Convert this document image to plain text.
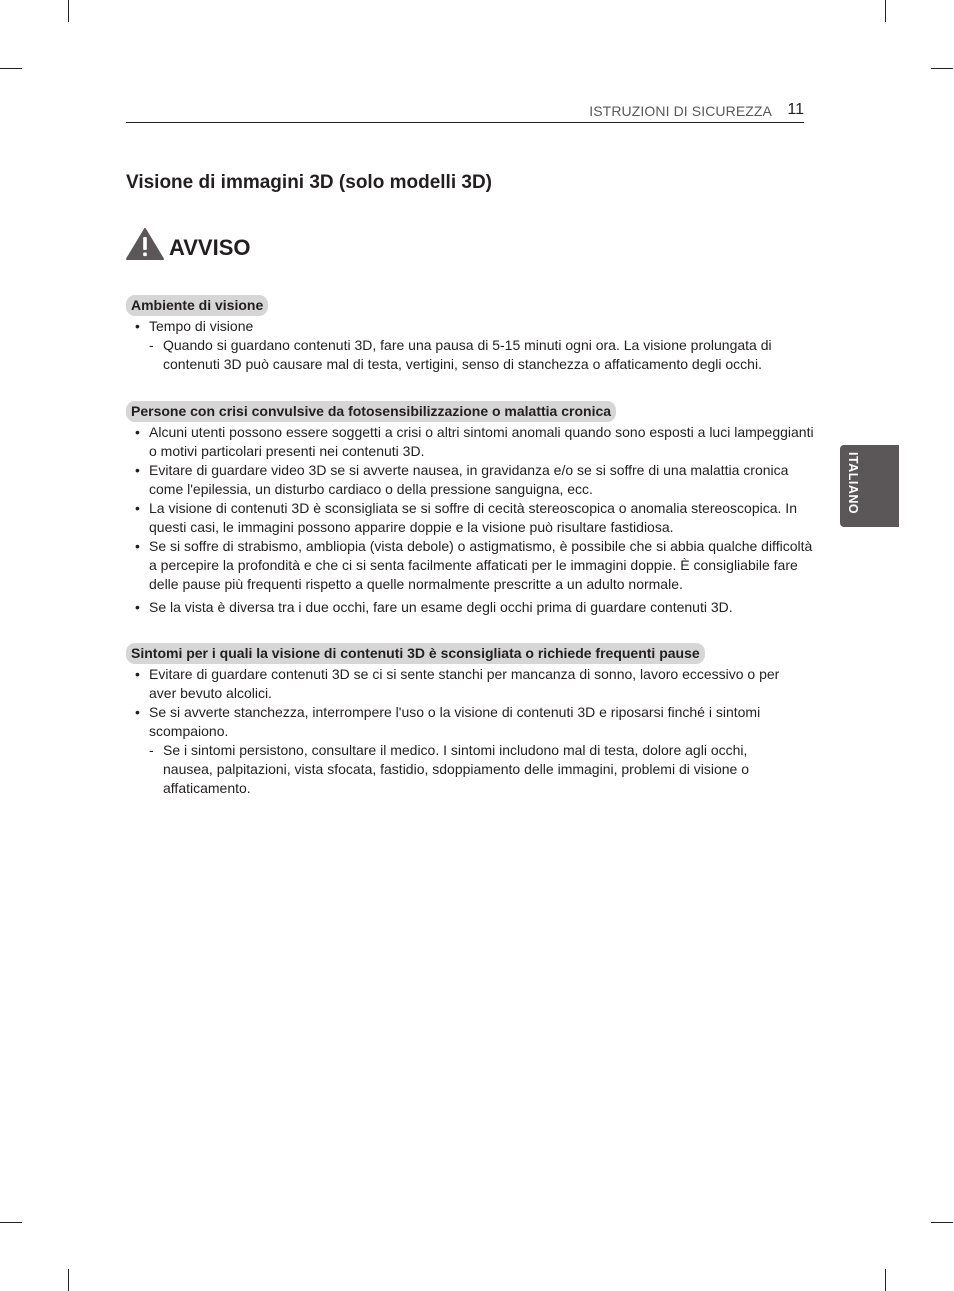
ISTRUZIONI DI SICUREZZA 11
ITALIANO
Visione di immagini 3D (solo modelli 3D)
AVVISO
Ambiente di visione
• Tempo di visione
- Quando si guardano contenuti 3D, fare una pausa di 5-15 minuti ogni ora. La visione prolungata di contenuti 3D può causare mal di testa, vertigini, senso di stanchezza o affaticamento degli occhi.
Persone con crisi convulsive da fotosensibilizzazione o malattia cronica
• Alcuni utenti possono essere soggetti a crisi o altri sintomi anomali quando sono esposti a luci lampeggianti o motivi particolari presenti nei contenuti 3D.
• Evitare di guardare video 3D se si avverte nausea, in gravidanza e/o se si soffre di una malattia cronica come l'epilessia, un disturbo cardiaco o della pressione sanguigna, ecc.
• La visione di contenuti 3D è sconsigliata se si soffre di cecità stereoscopica o anomalia stereoscopica. In questi casi, le immagini possono apparire doppie e la visione può risultare fastidiosa.
• Se si soffre di strabismo, ambliopia (vista debole) o astigmatismo, è possibile che si abbia qualche difficoltà a percepire la profondità e che ci si senta facilmente affaticati per le immagini doppie. È consigliabile fare delle pause più frequenti rispetto a quelle normalmente prescritte a un adulto normale.
• Se la vista è diversa tra i due occhi, fare un esame degli occhi prima di guardare contenuti 3D.
Sintomi per i quali la visione di contenuti 3D è sconsigliata o richiede frequenti pause
• Evitare di guardare contenuti 3D se ci si sente stanchi per mancanza di sonno, lavoro eccessivo o per aver bevuto alcolici.
• Se si avverte stanchezza, interrompere l'uso o la visione di contenuti 3D e riposarsi finché i sintomi scompaiono.
- Se i sintomi persistono, consultare il medico. I sintomi includono mal di testa, dolore agli occhi, nausea, palpitazioni, vista sfocata, fastidio, sdoppiamento delle immagini, problemi di visione o affaticamento.
